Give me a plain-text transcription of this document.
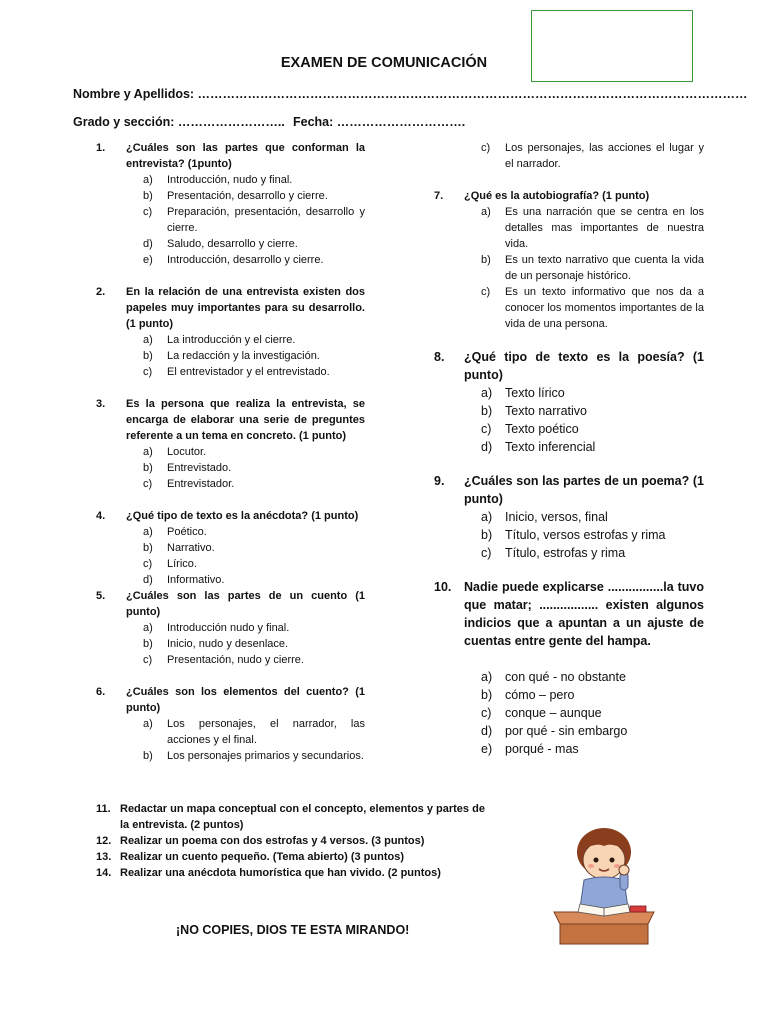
EXAMEN DE COMUNICACIÓN
Nombre y Apellidos: ……………………………………………………………………………………………………………………
Grado y sección: …………………….. Fecha: ………………………….
1.	¿Cuáles son las partes que conforman la entrevista? (1punto)
a)	Introducción, nudo y final.
b)	Presentación, desarrollo y cierre.
c)	Preparación, presentación, desarrollo y cierre.
d)	Saludo, desarrollo y cierre.
e)	Introducción, desarrollo y cierre.
2.	En la relación de una entrevista existen dos papeles muy importantes para su desarrollo. (1 punto)
a)	La introducción y el cierre.
b)	La redacción y la investigación.
c)	El entrevistador y el entrevistado.
3.	Es la persona que realiza la entrevista, se encarga de elaborar una serie de preguntes referente a un tema en concreto. (1 punto)
a)	Locutor.
b)	Entrevistado.
c)	Entrevistador.
4.	¿Qué tipo de texto es la anécdota? (1 punto)
a)	Poético.
b)	Narrativo.
c)	Lírico.
d)	Informativo.
5.	¿Cuáles son las partes de un cuento (1 punto)
a)	Introducción nudo y final.
b)	Inicio, nudo y desenlace.
c)	Presentación, nudo y cierre.
6.	¿Cuáles son los elementos del cuento? (1 punto)
a)	Los personajes, el narrador, las acciones y el final.
b)	Los personajes primarios y secundarios.
c)	Los personajes, las acciones el lugar y el narrador.
7.	¿Qué es la autobiografía? (1 punto)
a)	Es una narración que se centra en los detalles mas importantes de nuestra vida.
b)	Es un texto narrativo que cuenta la vida de un personaje histórico.
c)	Es un texto informativo que nos da a conocer los momentos importantes de la vida de una persona.
8.	¿Qué tipo de texto es la poesía? (1 punto)
a)	Texto lírico
b)	Texto narrativo
c)	Texto poético
d)	Texto inferencial
9.	¿Cuáles son las partes de un poema? (1 punto)
a)	Inicio, versos, final
b)	Título, versos estrofas y rima
c)	Título, estrofas y rima
10.	Nadie puede explicarse ................la tuvo que matar; ................. existen algunos indicios que a apuntan a un ajuste de cuentas entre gente del hampa.
a)	con qué - no obstante
b)	cómo – pero
c)	conque – aunque
d)	por qué - sin embargo
e)	porqué - mas
11. Redactar un mapa conceptual con el concepto, elementos y partes de la entrevista. (2 puntos)
12. Realizar un poema con dos estrofas y 4 versos. (3 puntos)
13. Realizar un cuento pequeño. (Tema abierto) (3 puntos)
14. Realizar una anécdota humorística que han vivido. (2 puntos)
¡NO COPIES, DIOS TE ESTA MIRANDO!
